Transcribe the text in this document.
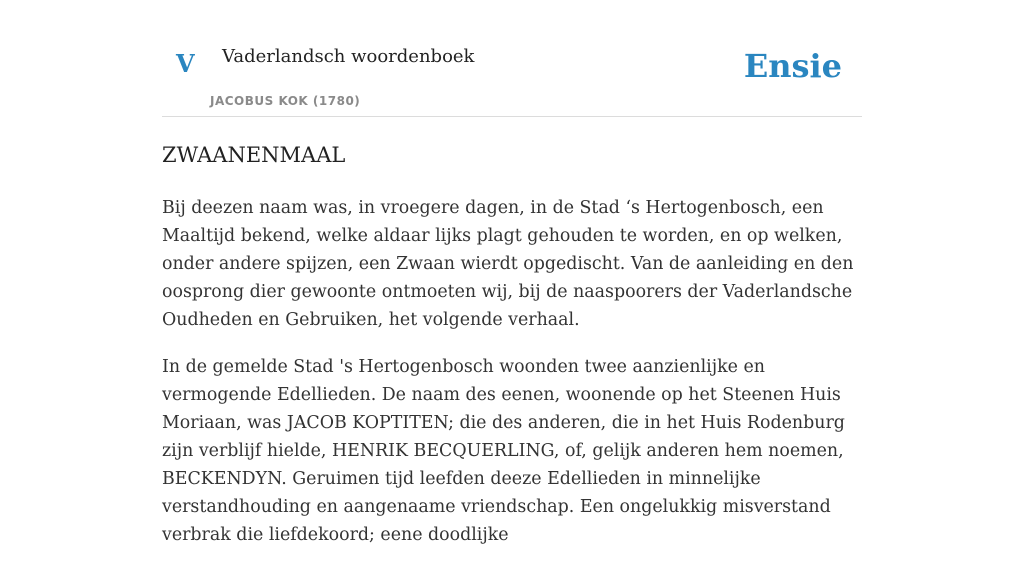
V Vaderlandsch woordenboek
JACOBUS KOK (1780)
Ensie
ZWAANENMAAL

Bij deezen naam was, in vroegere dagen, in de Stad ‘s Hertogenbosch, een Maaltijd bekend, welke aldaar lijks plagt gehouden te worden, en op welken, onder andere spijzen, een Zwaan wierdt opgedischt. Van de aanleiding en den oosprong dier gewoonte ontmoeten wij, bij de naaspoorers der Vaderlandsche Oudheden en Gebruiken, het volgende verhaal.

In de gemelde Stad 's Hertogenbosch woonden twee aanzienlijke en vermogende Edellieden. De naam des eenen, woonende op het Steenen Huis Moriaan, was JACOB KOPTITEN; die des anderen, die in het Huis Rodenburg zijn verblijf hielde, HENRIK BECQUERLING, of, gelijk anderen hem noemen, BECKENDYN. Geruimen tijd leefden deeze Edellieden in minnelijke verstandhouding en aangenaame vriendschap. Een ongelukkig misverstand verbrak die liefdekoord; eene doodlijke
